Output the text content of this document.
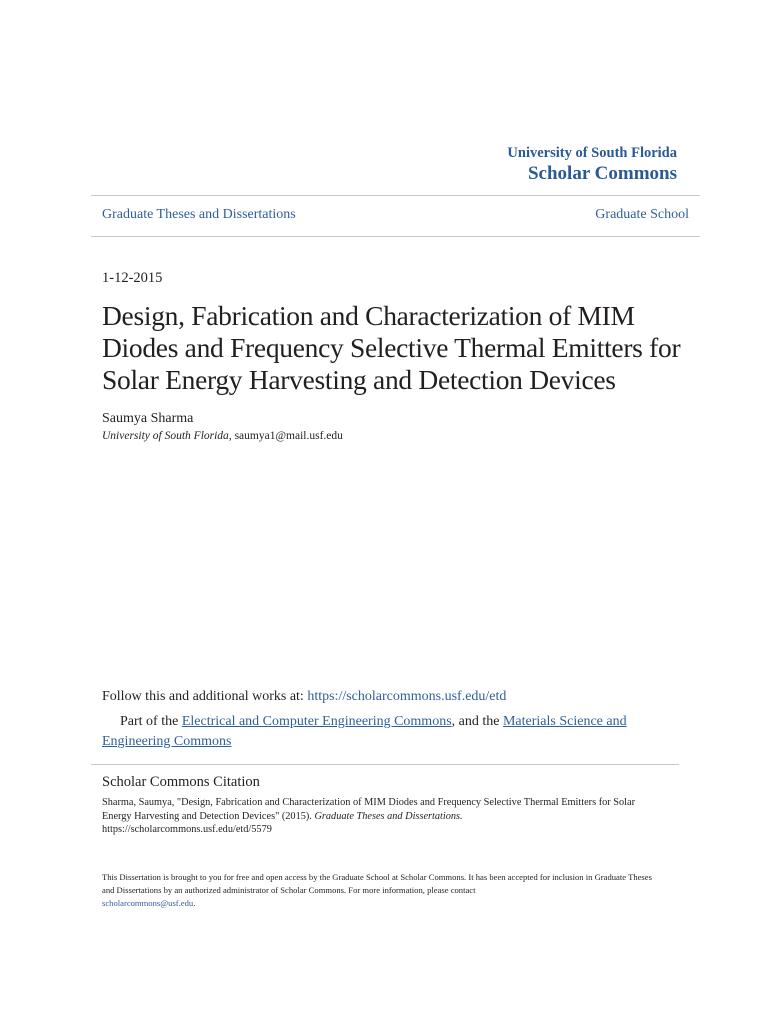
University of South Florida
Scholar Commons
Graduate Theses and Dissertations	Graduate School
1-12-2015
Design, Fabrication and Characterization of MIM Diodes and Frequency Selective Thermal Emitters for Solar Energy Harvesting and Detection Devices
Saumya Sharma
University of South Florida, saumya1@mail.usf.edu
Follow this and additional works at: https://scholarcommons.usf.edu/etd
Part of the Electrical and Computer Engineering Commons, and the Materials Science and Engineering Commons
Scholar Commons Citation
Sharma, Saumya, "Design, Fabrication and Characterization of MIM Diodes and Frequency Selective Thermal Emitters for Solar Energy Harvesting and Detection Devices" (2015). Graduate Theses and Dissertations.
https://scholarcommons.usf.edu/etd/5579
This Dissertation is brought to you for free and open access by the Graduate School at Scholar Commons. It has been accepted for inclusion in Graduate Theses and Dissertations by an authorized administrator of Scholar Commons. For more information, please contact
scholarcommons@usf.edu.
